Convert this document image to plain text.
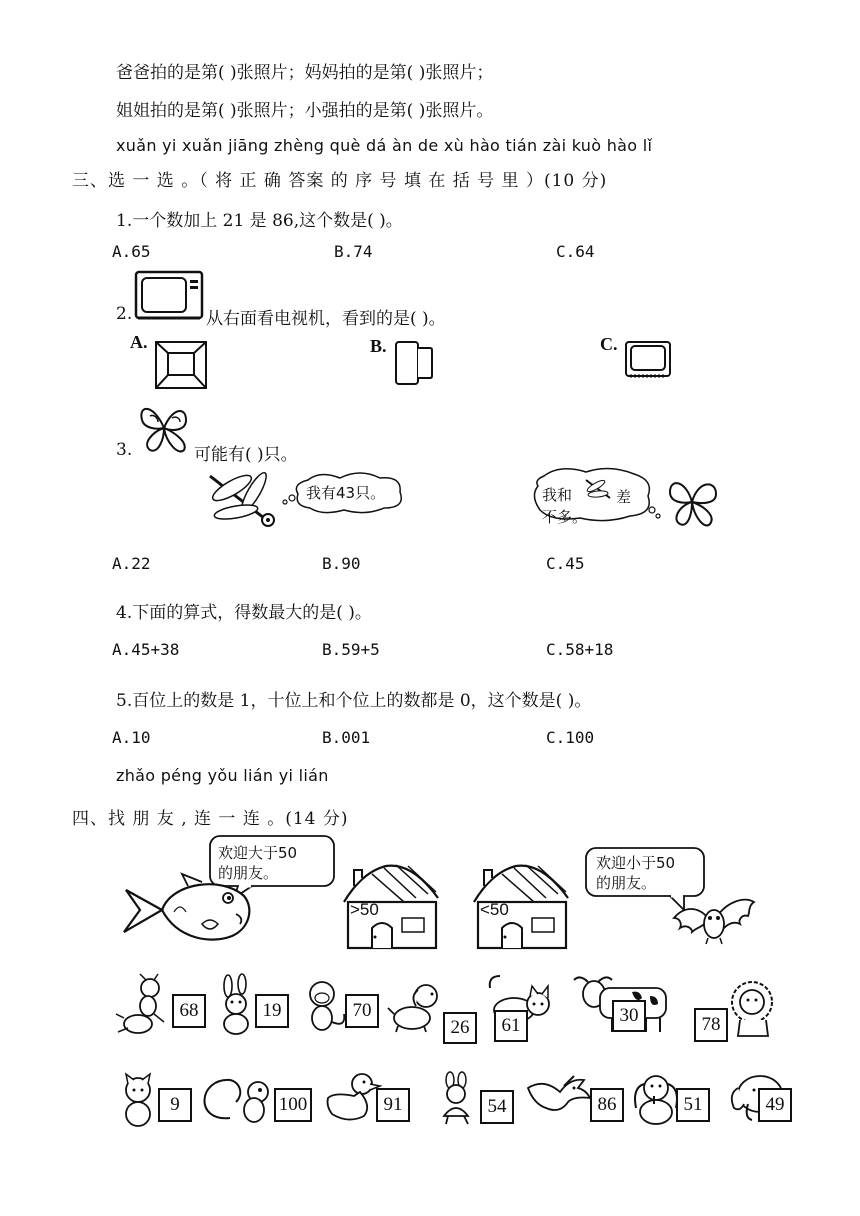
爸爸拍的是第( )张照片；妈妈拍的是第( )张照片；
姐姐拍的是第( )张照片；小强拍的是第( )张照片。
xuǎn yi xuǎn jiāng zhèng què dá àn de xù hào tián zài kuò hào lǐ
三、选 一 选 。（ 将 正 确 答案 的 序 号 填 在 括 号 里 ）(10 分)
1.一个数加上 21 是 86,这个数是( )。
A.65	B.74	C.64
2.	从右面看电视机，看到的是( )。
A.	B.	C.
3.	可能有( )只。
我有43只。	我和	差
不多。
A.22	B.90	C.45
4.下面的算式，得数最大的是( )。
A.45+38	B.59+5	C.58+18
5.百位上的数是 1，十位上和个位上的数都是 0，这个数是( )。
A.10	B.001	C.100
zhǎo péng yǒu lián yi lián
四、找 朋 友 , 连 一 连 。(14 分)
欢迎大于50
的朋友。
>50	<50
欢迎小于50
的朋友。
68	19	70
26	61	30	78
9	100	91	54	86	51	49
